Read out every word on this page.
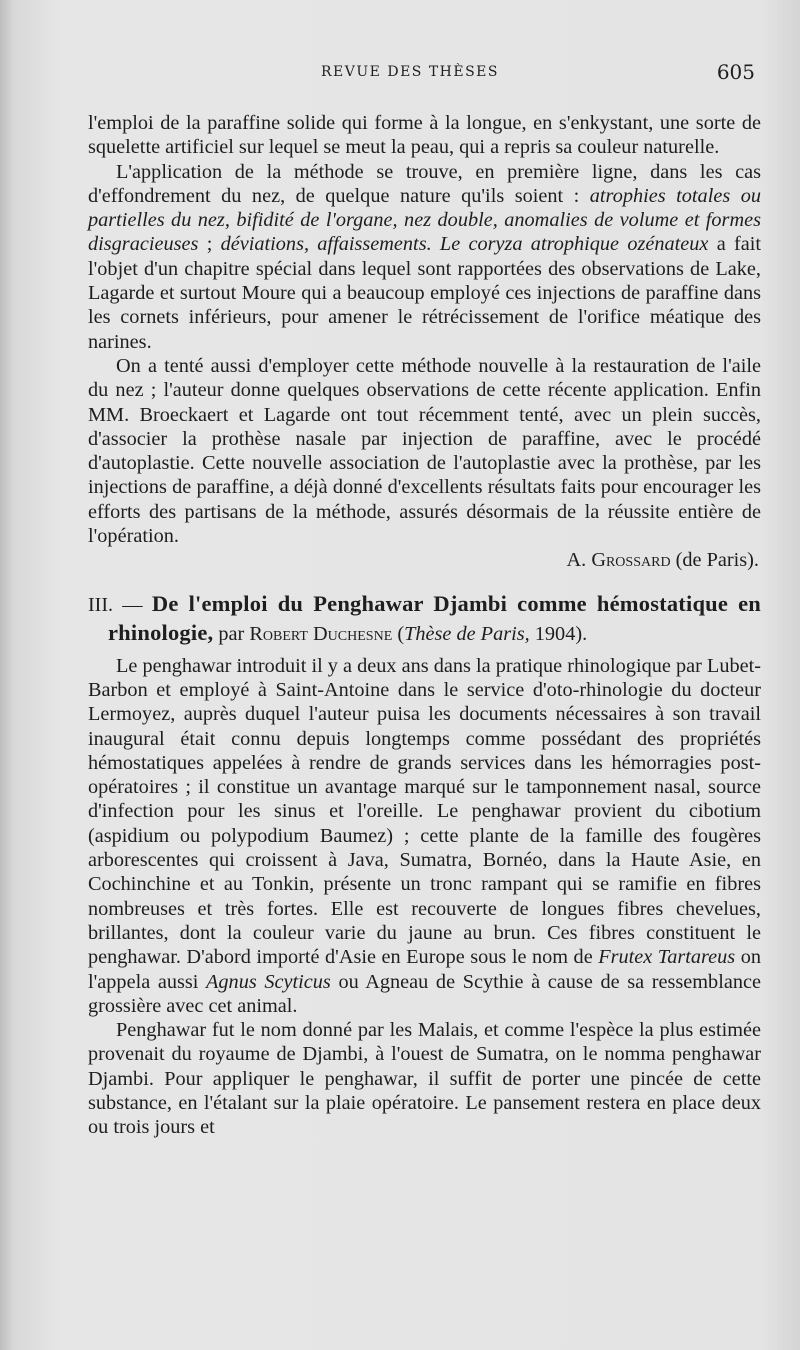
REVUE DES THÈSES	605

l'emploi de la paraffine solide qui forme à la longue, en s'enkystant, une sorte de squelette artificiel sur lequel se meut la peau, qui a repris sa couleur naturelle.

L'application de la méthode se trouve, en première ligne, dans les cas d'effondrement du nez, de quelque nature qu'ils soient : atrophies totales ou partielles du nez, bifidité de l'organe, nez double, anomalies de volume et formes disgracieuses ; déviations, affaissements. Le coryza atrophique ozénateux a fait l'objet d'un chapitre spécial dans lequel sont rapportées des observations de Lake, Lagarde et surtout Moure qui a beaucoup employé ces injections de paraffine dans les cornets inférieurs, pour amener le rétrécissement de l'orifice méatique des narines.

On a tenté aussi d'employer cette méthode nouvelle à la restauration de l'aile du nez ; l'auteur donne quelques observations de cette récente application. Enfin MM. Broeckaert et Lagarde ont tout récemment tenté, avec un plein succès, d'associer la prothèse nasale par injection de paraffine, avec le procédé d'autoplastie. Cette nouvelle association de l'autoplastie avec la prothèse, par les injections de paraffine, a déjà donné d'excellents résultats faits pour encourager les efforts des partisans de la méthode, assurés désormais de la réussite entière de l'opération.

A. Grossard (de Paris).

III. — De l'emploi du Penghawar Djambi comme hémostatique en rhinologie, par Robert Duchesne (Thèse de Paris, 1904).

Le penghawar introduit il y a deux ans dans la pratique rhinologique par Lubet-Barbon et employé à Saint-Antoine dans le service d'oto-rhinologie du docteur Lermoyez, auprès duquel l'auteur puisa les documents nécessaires à son travail inaugural était connu depuis longtemps comme possédant des propriétés hémostatiques appelées à rendre de grands services dans les hémorragies post-opératoires ; il constitue un avantage marqué sur le tamponnement nasal, source d'infection pour les sinus et l'oreille. Le penghawar provient du cibotium (aspidium ou polypodium Baumez) ; cette plante de la famille des fougères arborescentes qui croissent à Java, Sumatra, Bornéo, dans la Haute Asie, en Cochinchine et au Tonkin, présente un tronc rampant qui se ramifie en fibres nombreuses et très fortes. Elle est recouverte de longues fibres chevelues, brillantes, dont la couleur varie du jaune au brun. Ces fibres constituent le penghawar. D'abord importé d'Asie en Europe sous le nom de Frutex Tartareus on l'appela aussi Agnus Scyticus ou Agneau de Scythie à cause de sa ressemblance grossière avec cet animal.

Penghawar fut le nom donné par les Malais, et comme l'espèce la plus estimée provenait du royaume de Djambi, à l'ouest de Sumatra, on le nomma penghawar Djambi. Pour appliquer le penghawar, il suffit de porter une pincée de cette substance, en l'étalant sur la plaie opératoire. Le pansement restera en place deux ou trois jours et
